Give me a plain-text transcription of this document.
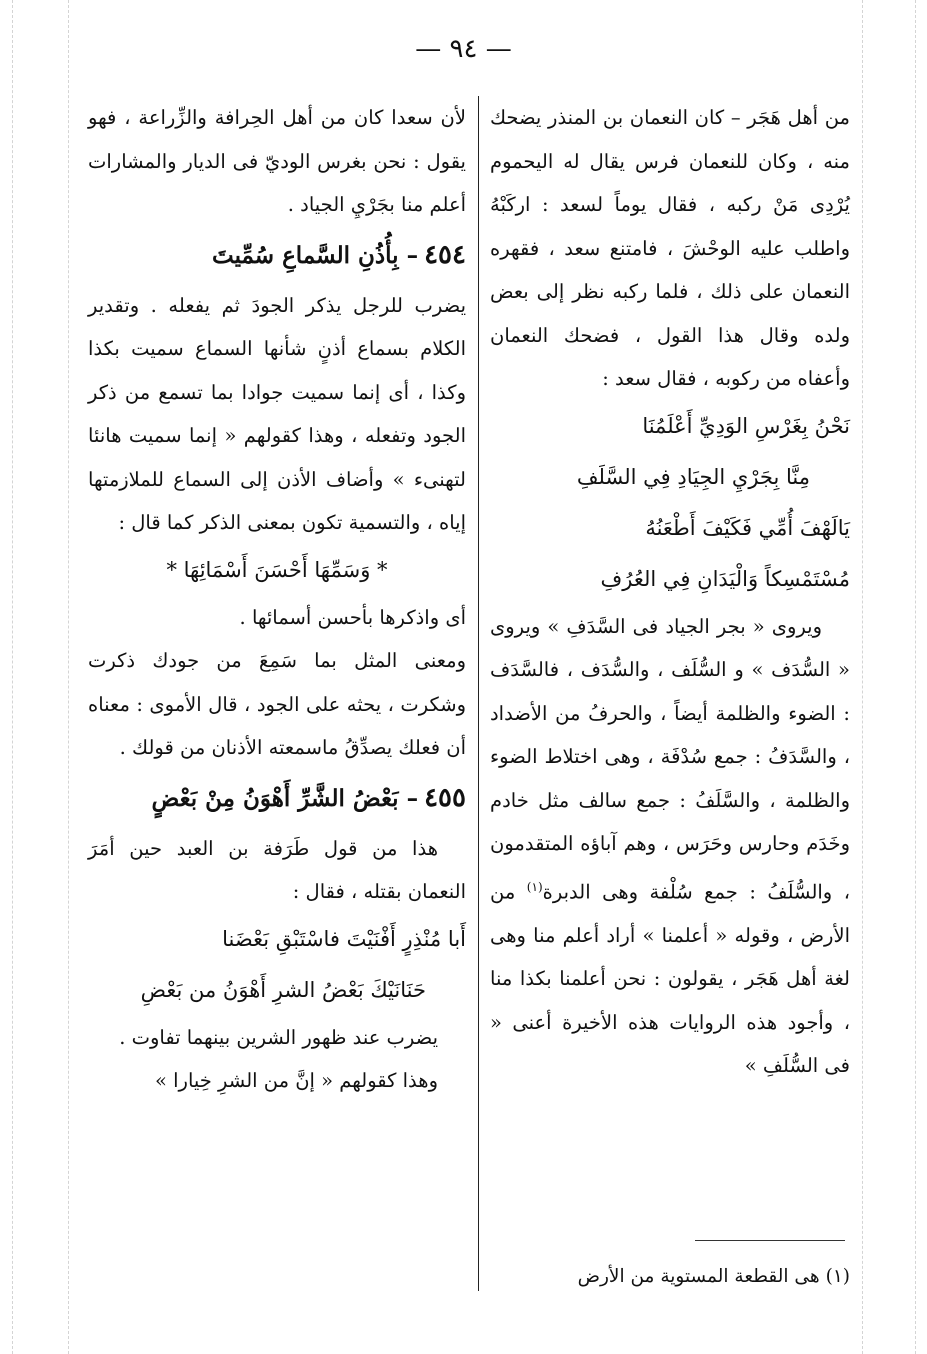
— ٩٤ —

من أهل هَجَر – كان النعمان بن المنذر يضحك منه ، وكان للنعمان فرس يقال له اليحموم يُرْدِى مَنْ ركبه ، فقال يوماً لسعد : اركَبْهُ واطلب عليه الوحْشَ ، فامتنع سعد ، فقهره النعمان على ذلك ، فلما ركبه نظر إلى بعض ولده وقال هذا القول ، فضحك النعمان وأعفاه من ركوبه ، فقال سعد :

نَحْنُ بِغَرْسِ الوَدِيِّ أَعْلَمُنَا

مِنَّا بِجَرْيِ الجِيَادِ فِي السَّلَفِ

يَالَهْفَ أُمِّي فَكَيْفَ أَطْعَنُهُ

مُسْتَمْسِكاً وَالْيَدَانِ فِي العُرُفِ

ويروى « بجر الجياد فى السَّدَفِ » ويروى « السُّدَف » و السُّلَف ، والسُّدَف ، فالسَّدَف : الضوء والظلمة أيضاً ، والحرفُ من الأضداد ، والسَّدَفُ : جمع سُدْفَة ، وهى اختلاط الضوء والظلمة ، والسَّلَفُ : جمع سالف مثل خادم وخَدَم وحارس وحَرَس ، وهم آباؤه المتقدمون ، والسُّلَفُ : جمع سُلْفة وهى الدبرة$^{(١)}$ من الأرض ، وقوله « أعلمنا » أراد أعلم منا وهى لغة أهل هَجَر ، يقولون : نحن أعلمنا بكذا منا ، وأجود هذه الروايات هذه الأخيرة أعنى « فى السُّلَفِ »

(١)هى القطعة المستوية من الأرض

لأن سعدا كان من أهل الحِرافة والزِّراعة ، فهو يقول : نحن بغرس الوديّ فى الديار والمشارات أعلم منا بجَرْيِ الجياد .

٤٥٤– بِأُذُنِ السَّماعِ سُمِّيتَ

يضرب للرجل يذكر الجودَ ثم يفعله . وتقدير الكلام بسماع أذنٍ شأنها السماع سميت بكذا وكذا ، أى إنما سميت جوادا بما تسمع من ذكر الجود وتفعله ، وهذا كقولهم « إنما سميت هانئا لتهنىء » وأضاف الأذن إلى السماع للملازمتها إياه ، والتسمية تكون بمعنى الذكر كما قال :

* وَسَمِّهَا أَحْسَنَ أَسْمَائِهَا *

أى واذكرها بأحسن أسمائها .

ومعنى المثل بما سَمِعَ من جودك ذكرت وشكرت ، يحثه على الجود ، قال الأموى : معناه أن فعلك يصدِّقُ ماسمعته الأذنان من قولك .

٤٥٥– بَعْضُ الشَّرِّ أَهْوَنُ مِنْ بَعْضٍ

هذا من قول طَرَفة بن العبد حين أمَرَ النعمان بقتله ، فقال :

أَبا مُنْذِرٍ أَفْنَيْتَ فاسْتَبْقِ بَعْضَنا

حَنَانَيْكَ بَعْضُ الشرِ أَهْوَنُ من بَعْضِ

يضرب عند ظهور الشرين بينهما تفاوت .

وهذا كقولهم « إنَّ من الشرِ خِيارا »
